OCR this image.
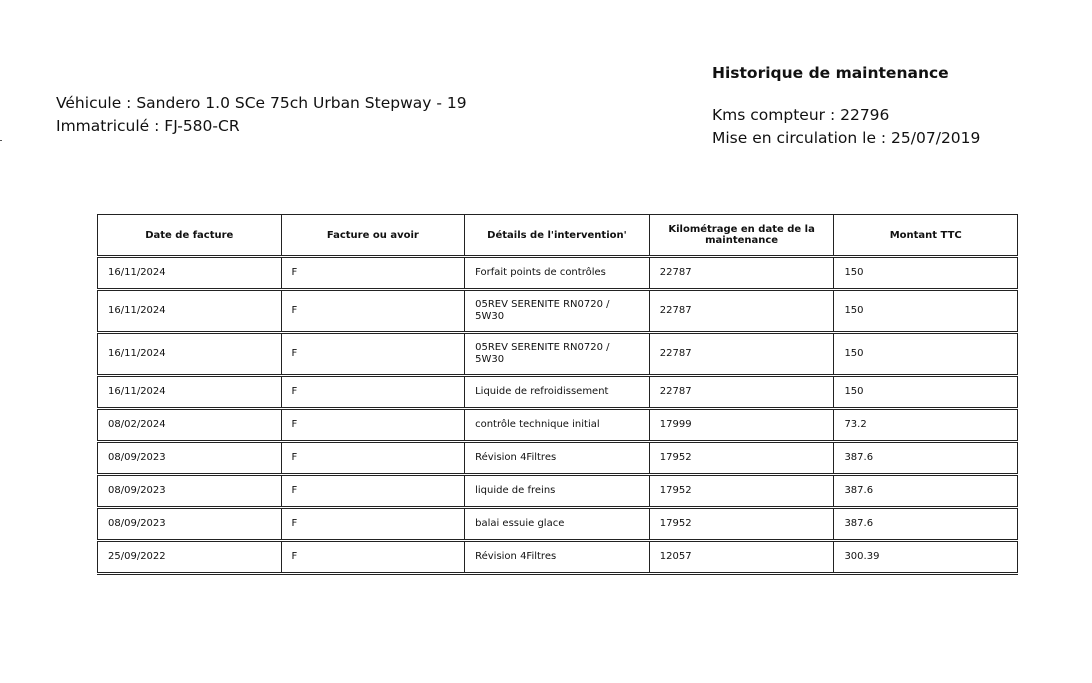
Véhicule : Sandero 1.0 SCe 75ch Urban Stepway - 19
Immatriculé : FJ-580-CR
Historique de maintenance
Kms compteur : 22796
Mise en circulation le : 25/07/2019
Date de facture	Facture ou avoir	Détails de l'intervention'	Kilométrage en date de la maintenance	Montant TTC
16/11/2024	F	Forfait points de contrôles	22787	150
16/11/2024	F	05REV SERENITE RN0720 / 5W30	22787	150
16/11/2024	F	05REV SERENITE RN0720 / 5W30	22787	150
16/11/2024	F	Liquide de refroidissement	22787	150
08/02/2024	F	contrôle technique initial	17999	73.2
08/09/2023	F	Révision 4Filtres	17952	387.6
08/09/2023	F	liquide de freins	17952	387.6
08/09/2023	F	balai essuie glace	17952	387.6
25/09/2022	F	Révision 4Filtres	12057	300.39
